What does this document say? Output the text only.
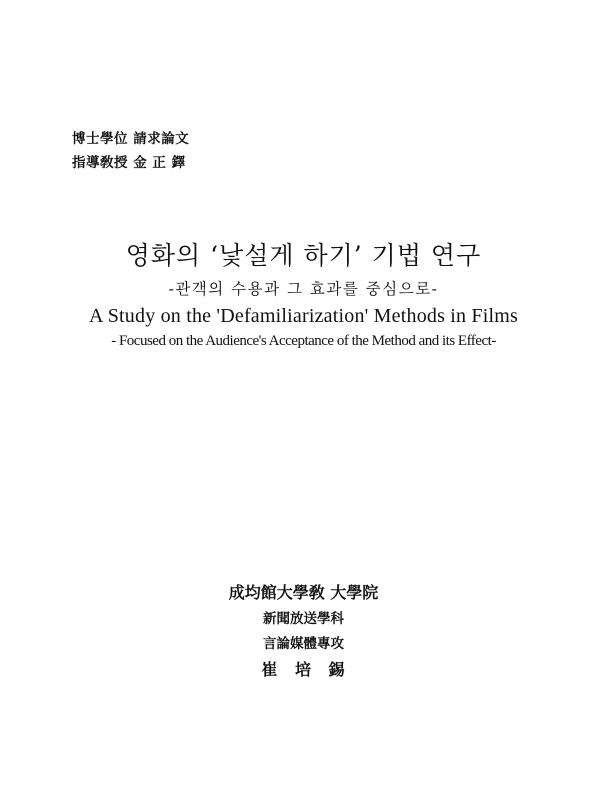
博士學位 請求論文
指導敎授 金 正 鐸
영화의 ‘낯설게 하기’ 기법 연구
-관객의 수용과 그 효과를 중심으로-
A Study on the 'Defamiliarization' Methods in Films
- Focused on the Audience's Acceptance of the Method and its Effect-
成均館大學敎 大學院
新聞放送學科
言論媒體專攻
崔 培 錫
